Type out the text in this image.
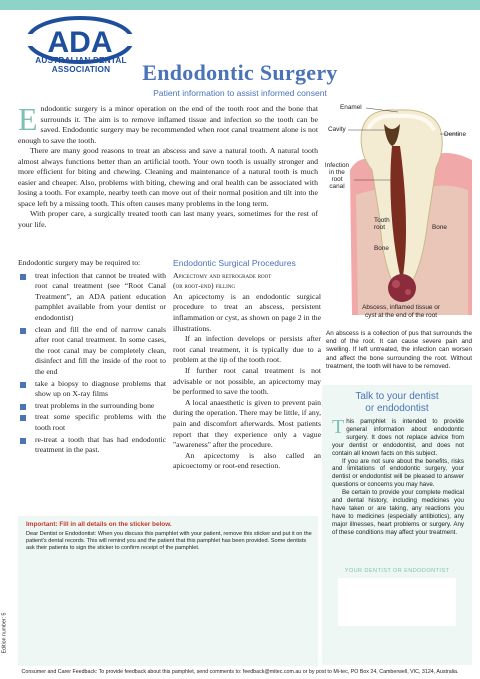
ADA
AUSTRALIAN DENTAL
ASSOCIATION	Endodontic Surgery
Patient information to assist informed consent

Endodontic surgery is a minor operation on the end of the tooth root and the bone that surrounds it. The aim is to remove inflamed tissue and infection so the tooth can be saved. Endodontic surgery may be recommended when root canal treatment alone is not enough to save the tooth.

There are many good reasons to treat an abscess and save a natural tooth. A natural tooth almost always functions better than an artificial tooth. Your own tooth is usually stronger and more efficient for biting and chewing. Cleaning and maintenance of a natural tooth is much easier and cheaper. Also, problems with biting, chewing and oral health can be associated with losing a tooth. For example, nearby teeth can move out of their normal position and tilt into the space left by a missing tooth. This often causes many problems in the long term.

With proper care, a surgically treated tooth can last many years, sometimes for the rest of your life.

Endodontic surgery may be required to:

treat infection that cannot be treated with root canal treatment (see “Root Canal Treatment”, an ADA patient education pamphlet available from your dentist or endodontist)
clean and fill the end of narrow canals after root canal treatment. In some cases, the root canal may be completely clean, disinfect and fill the inside of the root to the end
take a biopsy to diagnose problems that show up on X-ray films
treat problems in the surrounding bone
treat some specific problems with the tooth root
re-treat a tooth that has had endodontic treatment in the past.
Endodontic Surgical Procedures

Apicectomy and retrograde root

(or root-end) filling

An apicectomy is an endodontic surgical procedure to treat an abscess, persistent inflammation or cyst, as shown on page 2 in the illustrations.

If an infection develops or persists after root canal treatment, it is typically due to a problem at the tip of the tooth root.

If further root canal treatment is not advisable or not possible, an apicectomy may be performed to save the tooth.

A local anaesthetic is given to prevent pain during the operation. There may be little, if any, pain and discomfort afterwards. Most patients report that they experience only a vague "awareness" after the procedure.

An apicectomy is also called an apicoectomy or root-end resection.

Enamel
Cavity
Dentine
Infection
in the
root
canal
Tooth
root	Bone
Bone
Abscess, inflamed tissue or
cyst at the end of the root
An abscess is a collection of pus that surrounds the end of the root. It can cause severe pain and swelling. If left untreated, the infection can worsen and affect the bone surrounding the root. Without treatment, the tooth will have to be removed.
Talk to your dentist
or endodontist

This pamphlet is intended to provide general information about endodontic surgery. It does not replace advice from your dentist or endodontist, and does not contain all known facts on this subject.

If you are not sure about the benefits, risks and limitations of endodontic surgery, your dentist or endodontist will be pleased to answer questions or concerns you may have.

Be certain to provide your complete medical and dental history, including medicines you have taken or are taking, any reactions you have to medicines (especially antibiotics), any major illnesses, heart problems or surgery. Any of these conditions may affect your treatment.

YOUR DENTIST OR ENDODONTIST
Important: Fill in all details on the sticker below.
Dear Dentist or Endodontist: When you discuss this pamphlet with your patient, remove this sticker and put it on the patient's dental records. This will remind you and the patient that this pamphlet has been provided. Some dentists ask their patients to sign the sticker to confirm receipt of the pamphlet.
Edition number: 5
Consumer and Carer Feedback: To provide feedback about this pamphlet, send comments to: feedback@mitec.com.au or by post to Mi-tec, PO Box 24, Camberwell, VIC, 3124, Australia.
